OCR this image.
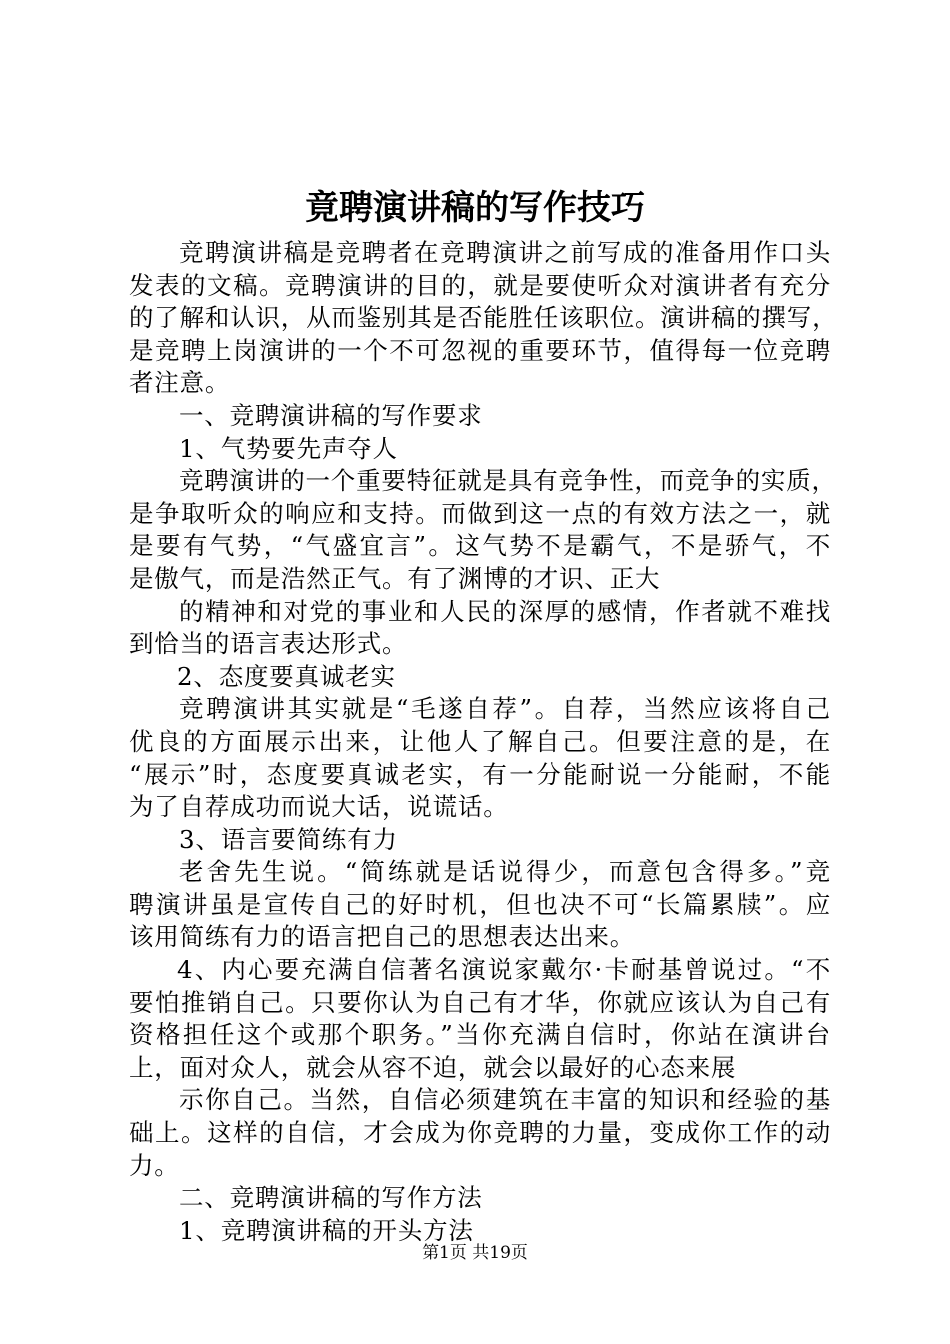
竟聘演讲稿的写作技巧
竞聘演讲稿是竞聘者在竞聘演讲之前写成的准备用作口头
发表的文稿。竞聘演讲的目的，就是要使听众对演讲者有充分
的了解和认识，从而鉴别其是否能胜任该职位。演讲稿的撰写，
是竞聘上岗演讲的一个不可忽视的重要环节，值得每一位竞聘
者注意。
一、竞聘演讲稿的写作要求
1、气势要先声夺人
竞聘演讲的一个重要特征就是具有竞争性，而竞争的实质，
是争取听众的响应和支持。而做到这一点的有效方法之一，就
是要有气势，“气盛宜言”。这气势不是霸气，不是骄气，不
是傲气，而是浩然正气。有了渊博的才识、正大
的精神和对党的事业和人民的深厚的感情，作者就不难找
到恰当的语言表达形式。
2、态度要真诚老实
竞聘演讲其实就是“毛遂自荐”。自荐，当然应该将自己
优良的方面展示出来，让他人了解自己。但要注意的是，在
“展示”时，态度要真诚老实，有一分能耐说一分能耐，不能
为了自荐成功而说大话，说谎话。
3、语言要简练有力
老舍先生说。“简练就是话说得少，而意包含得多。”竞
聘演讲虽是宣传自己的好时机，但也决不可“长篇累牍”。应
该用简练有力的语言把自己的思想表达出来。
4、内心要充满自信著名演说家戴尔·卡耐基曾说过。“不
要怕推销自己。只要你认为自己有才华，你就应该认为自己有
资格担任这个或那个职务。”当你充满自信时，你站在演讲台
上，面对众人，就会从容不迫，就会以最好的心态来展
示你自己。当然，自信必须建筑在丰富的知识和经验的基
础上。这样的自信，才会成为你竞聘的力量，变成你工作的动
力。
二、竞聘演讲稿的写作方法
1、竞聘演讲稿的开头方法
第1页 共19页
